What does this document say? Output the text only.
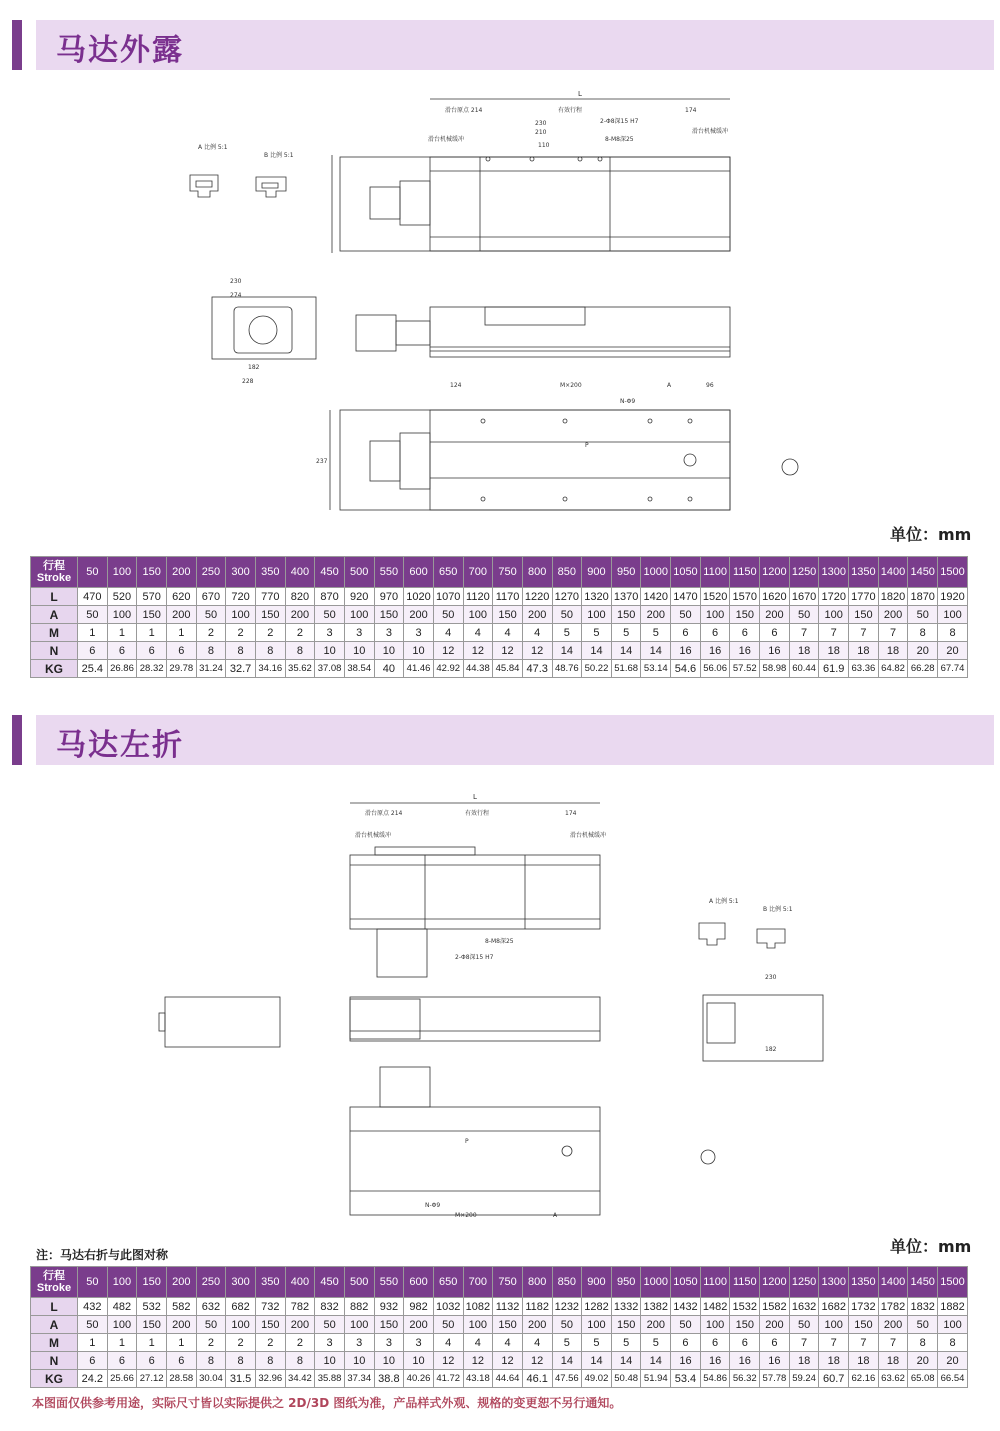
马达外露
A 比例 5:1
B 比例 5:1
L
滑台原点 214	有效行程	174
230
210
110
2-Φ8深15 H7
8-M8深25
滑台机械缓冲
滑台机械缓冲
230
274
182
228
124	M×200	A	96
237
N-Φ9
P
单位：mm
行程
Stroke	50	100	150	200	250	300	350	400	450	500	550	600	650	700	750	800	850	900	950	1000	1050	1100	1150	1200	1250	1300	1350	1400	1450	1500
L	470	520	570	620	670	720	770	820	870	920	970	1020	1070	1120	1170	1220	1270	1320	1370	1420	1470	1520	1570	1620	1670	1720	1770	1820	1870	1920
A	50	100	150	200	50	100	150	200	50	100	150	200	50	100	150	200	50	100	150	200	50	100	150	200	50	100	150	200	50	100
M	1	1	1	1	2	2	2	2	3	3	3	3	4	4	4	4	5	5	5	5	6	6	6	6	7	7	7	7	8	8
N	6	6	6	6	8	8	8	8	10	10	10	10	12	12	12	12	14	14	14	14	16	16	16	16	18	18	18	18	20	20
KG	25.4	26.86	28.32	29.78	31.24	32.7	34.16	35.62	37.08	38.54	40	41.46	42.92	44.38	45.84	47.3	48.76	50.22	51.68	53.14	54.6	56.06	57.52	58.98	60.44	61.9	63.36	64.82	66.28	67.74
马达左折
L
滑台原点 214	有效行程	174
滑台机械缓冲	滑台机械缓冲
8-M8深25
2-Φ8深15 H7
P
N-Φ9
M×200	A
A 比例 5:1
B 比例 5:1
230
182
注：马达右折与此图对称	单位：mm
行程
Stroke	50	100	150	200	250	300	350	400	450	500	550	600	650	700	750	800	850	900	950	1000	1050	1100	1150	1200	1250	1300	1350	1400	1450	1500
L	432	482	532	582	632	682	732	782	832	882	932	982	1032	1082	1132	1182	1232	1282	1332	1382	1432	1482	1532	1582	1632	1682	1732	1782	1832	1882
A	50	100	150	200	50	100	150	200	50	100	150	200	50	100	150	200	50	100	150	200	50	100	150	200	50	100	150	200	50	100
M	1	1	1	1	2	2	2	2	3	3	3	3	4	4	4	4	5	5	5	5	6	6	6	6	7	7	7	7	8	8
N	6	6	6	6	8	8	8	8	10	10	10	10	12	12	12	12	14	14	14	14	16	16	16	16	18	18	18	18	20	20
KG	24.2	25.66	27.12	28.58	30.04	31.5	32.96	34.42	35.88	37.34	38.8	40.26	41.72	43.18	44.64	46.1	47.56	49.02	50.48	51.94	53.4	54.86	56.32	57.78	59.24	60.7	62.16	63.62	65.08	66.54
本图面仅供参考用途，实际尺寸皆以实际提供之 2D/3D 图纸为准，产品样式外观、规格的变更恕不另行通知。
